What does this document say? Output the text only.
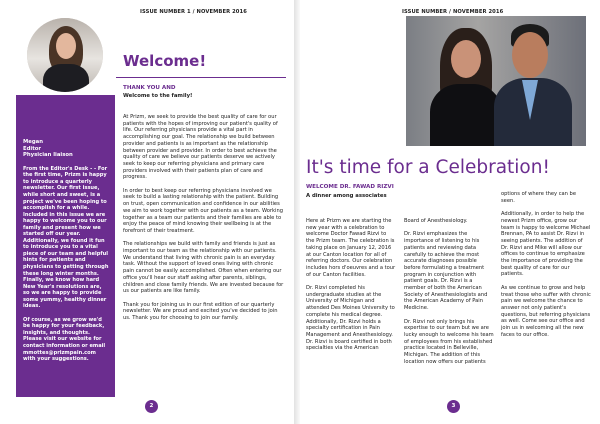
ISSUE NUMBER 1 / NOVEMBER 2016
Megan
Editor
Physician liaison
From the Editor's Desk - - For the first time, Prizm is happy to introduce a quarterly newsletter. Our first issue, while short and sweet, is a project we've been hoping to accomplish for a while. Included in this issue we are happy to welcome you to our family and present how we started off our year. Additionally, we found it fun to introduce you to a vital piece of our team and helpful hints for patients and physicians to getting through these long winter months. Finally, we know how hard New Year's resolutions are, so we are happy to provide some yummy, healthy dinner ideas.
Of course, as we grow we'd be happy for your feedback, insights, and thoughts. Please visit our website for contact information or email mmottes@prizmpain.com with your suggestions.
Welcome!
THANK YOU AND
Welcome to the family!

At Prizm, we seek to provide the best quality of care for our patients with the hopes of improving our patient's quality of life. Our referring physicians provide a vital part in accomplishing our goal. The relationship we build between provider and patients is as important as the relationship between provider and provider. In order to best achieve the quality of care we believe our patients deserve we actively seek to keep our referring physicians and primary care providers involved with their patients plan of care and progress.

In order to best keep our referring physicians involved we seek to build a lasting relationship with the patient. Building on trust, open communication and confidence in our abilities we aim to work together with our patients as a team. Working together as a team our patients and their families are able to enjoy the peace of mind knowing their wellbeing is at the forefront of their treatment.

The relationships we build with family and friends is just as important to our team as the relationship with our patients. We understand that living with chronic pain is an everyday task. Without the support of loved ones living with chronic pain cannot be easily accomplished. Often when entering our office you'll hear our staff asking after parents, siblings, children and close family friends. We are invested because for us our patients are like family.

Thank you for joining us in our first edition of our quarterly newsletter. We are proud and excited you've decided to join us. Thank you for choosing to join our family.

2
ISSUE NUMBER / NOVEMBER 2016
It's time for a Celebration!
WELCOME DR. FAWAD RIZVI
A dinner among associates

Here at Prizm we are starting the new year with a celebration to welcome Doctor Fawad Rizvi to the Prizm team. The celebration is taking place on January 12, 2016 at our Canton location for all of referring doctors. Our celebration includes hors d'oeuvres and a tour of our Canton facilities.

Dr. Rizvi completed his undergraduate studies at the University of Michigan and attended Des Moines University to complete his medical degree. Additionally, Dr. Rizvi holds a specialty certification in Pain Management and Anesthesiology. Dr. Rizvi is board certified in both specialties via the American

Board of Anesthesiology.

Dr. Rizvi emphasizes the importance of listening to his patients and reviewing data carefully to achieve the most accurate diagnoses possible before formulating a treatment program in conjunction with patient goals. Dr. Rizvi is a member of both the American Society of Anesthesiologists and the American Academy of Pain Medicine.

Dr. Rizvi not only brings his expertise to our team but we are lucky enough to welcome his team of employees from his established practice located in Belleville, Michigan. The addition of this location now offers our patients

options of where they can be seen.

Additionally, in order to help the newest Prizm office, grow our team is happy to welcome Michael Brennan, PA to assist Dr. Rizvi in seeing patients. The addition of Dr. Rizvi and Mike will allow our offices to continue to emphasize the importance of providing the best quality of care for our patients.

As we continue to grow and help treat those who suffer with chronic pain we welcome the chance to answer not only patient's questions, but referring physicians as well. Come see our office and join us in welcoming all the new faces to our office.

3
